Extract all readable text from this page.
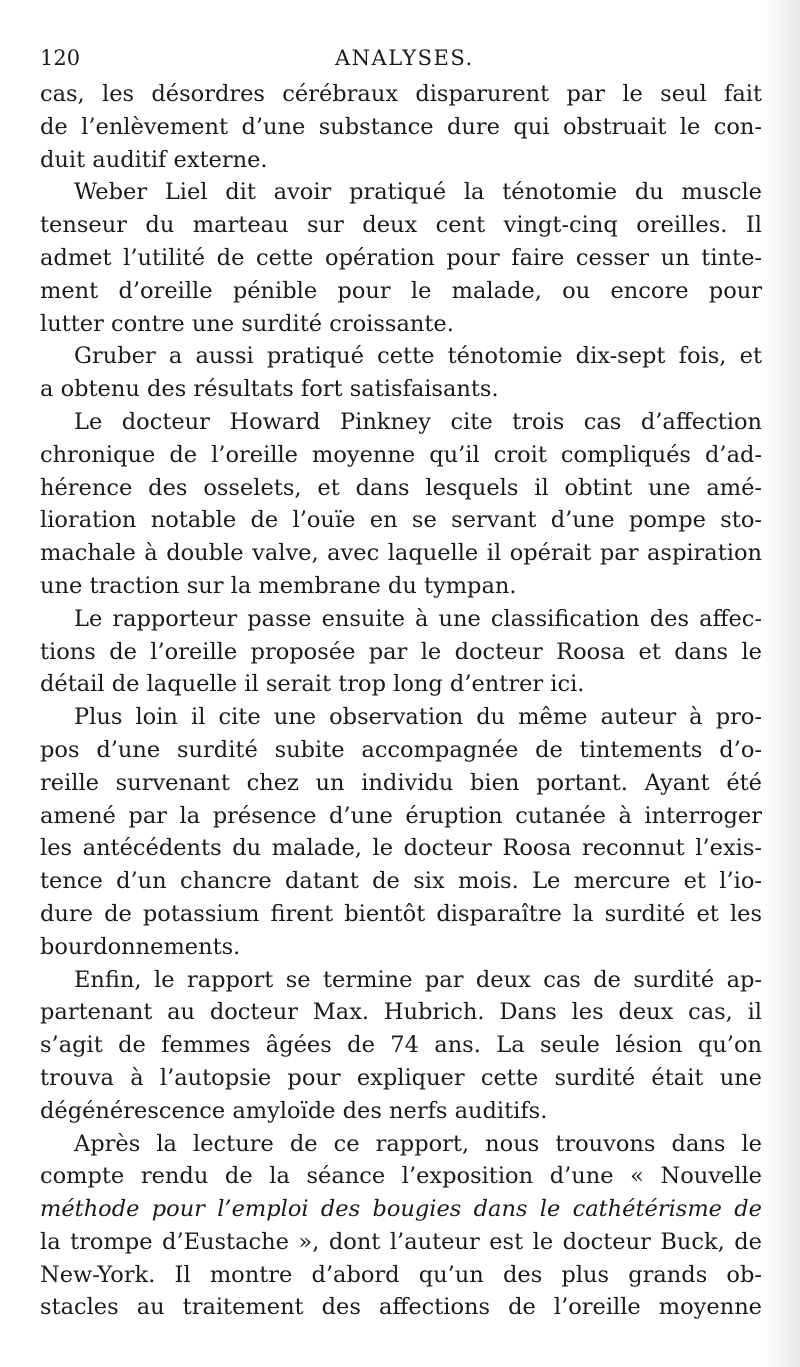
120	ANALYSES.
cas, les désordres cérébraux disparurent par le seul fait
de l’enlèvement d’une substance dure qui obstruait le con-
duit auditif externe.
Weber Liel dit avoir pratiqué la ténotomie du muscle
tenseur du marteau sur deux cent vingt-cinq oreilles. Il
admet l’utilité de cette opération pour faire cesser un tinte-
ment d’oreille pénible pour le malade, ou encore pour
lutter contre une surdité croissante.
Gruber a aussi pratiqué cette ténotomie dix-sept fois, et
a obtenu des résultats fort satisfaisants.
Le docteur Howard Pinkney cite trois cas d’affection
chronique de l’oreille moyenne qu’il croit compliqués d’ad-
hérence des osselets, et dans lesquels il obtint une amé-
lioration notable de l’ouïe en se servant d’une pompe sto-
machale à double valve, avec laquelle il opérait par aspiration
une traction sur la membrane du tympan.
Le rapporteur passe ensuite à une classification des affec-
tions de l’oreille proposée par le docteur Roosa et dans le
détail de laquelle il serait trop long d’entrer ici.
Plus loin il cite une observation du même auteur à pro-
pos d’une surdité subite accompagnée de tintements d’o-
reille survenant chez un individu bien portant. Ayant été
amené par la présence d’une éruption cutanée à interroger
les antécédents du malade, le docteur Roosa reconnut l’exis-
tence d’un chancre datant de six mois. Le mercure et l’io-
dure de potassium firent bientôt disparaître la surdité et les
bourdonnements.
Enfin, le rapport se termine par deux cas de surdité ap-
partenant au docteur Max. Hubrich. Dans les deux cas, il
s’agit de femmes âgées de 74 ans. La seule lésion qu’on
trouva à l’autopsie pour expliquer cette surdité était une
dégénérescence amyloïde des nerfs auditifs.
Après la lecture de ce rapport, nous trouvons dans le
compte rendu de la séance l’exposition d’une « Nouvelle
méthode pour l’emploi des bougies dans le cathétérisme de
la trompe d’Eustache », dont l’auteur est le docteur Buck, de
New-York. Il montre d’abord qu’un des plus grands ob-
stacles au traitement des affections de l’oreille moyenne
